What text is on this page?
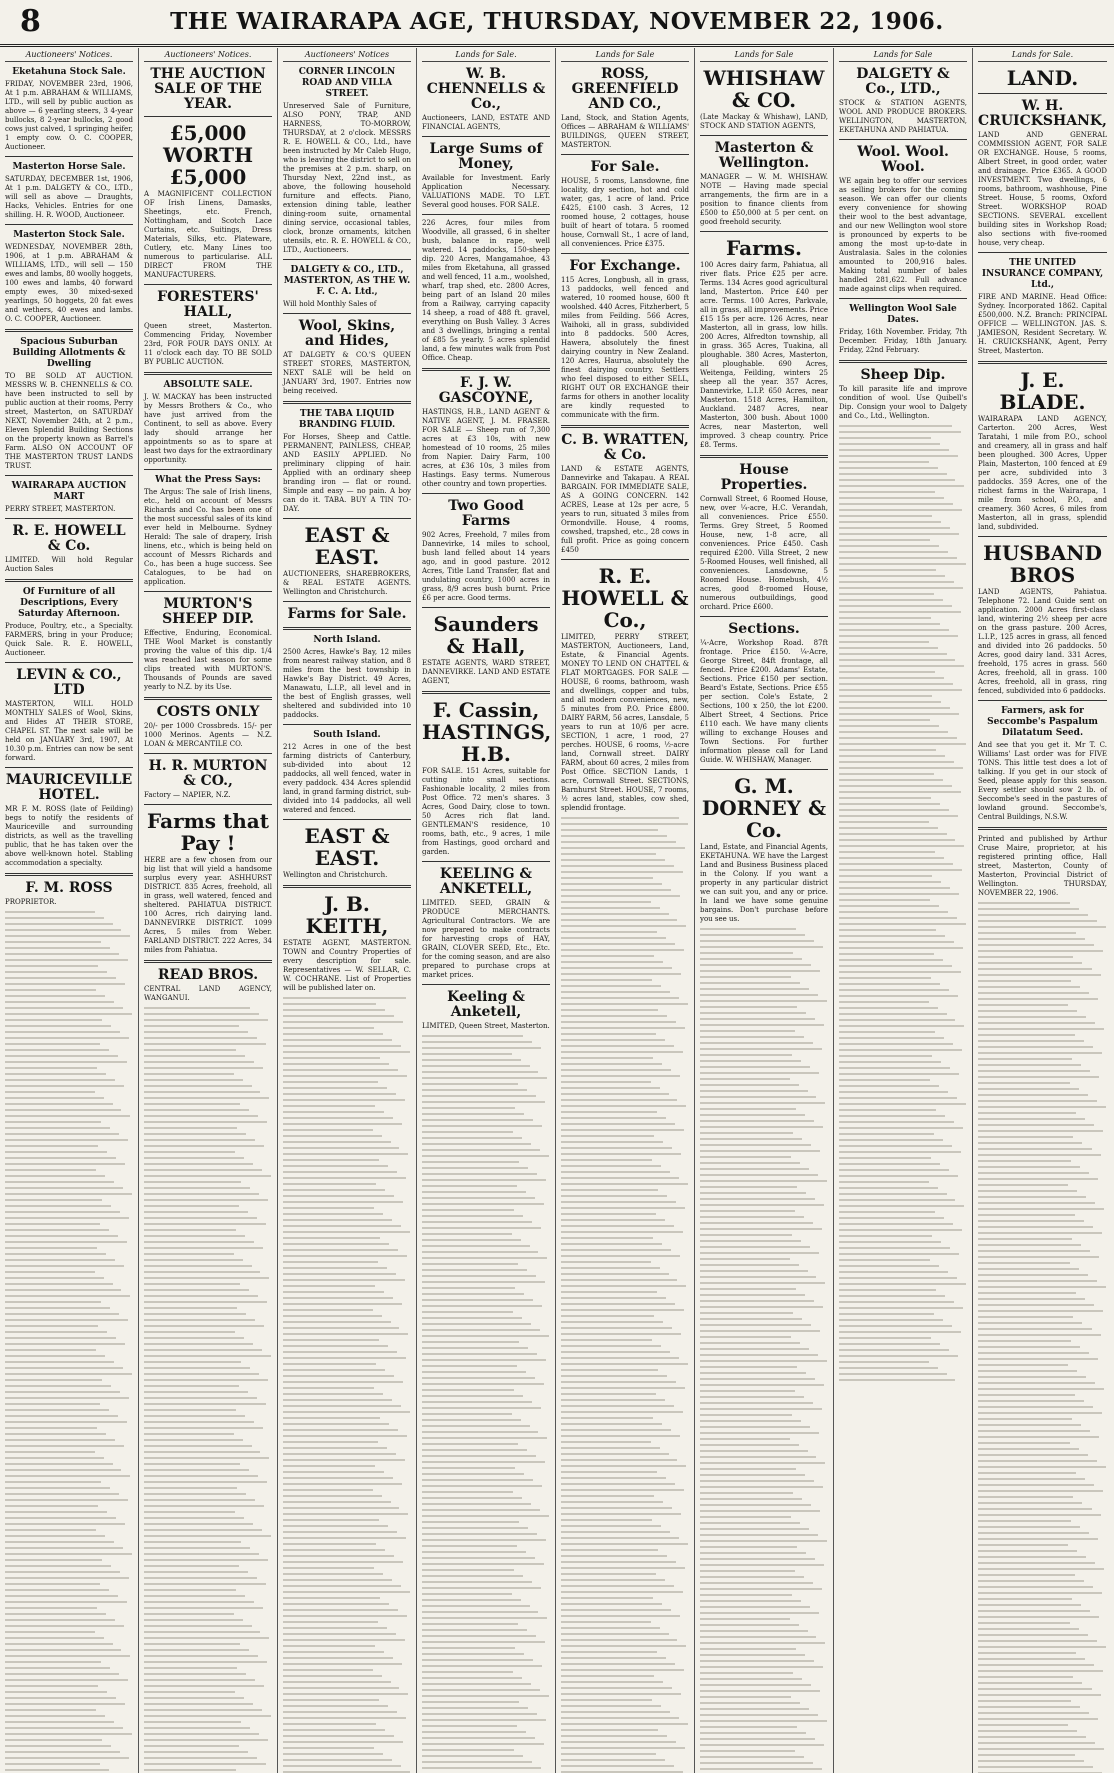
8	THE WAIRARAPA AGE, THURSDAY, NOVEMBER 22, 1906.
Auctioneers' Notices.
Eketahuna Stock Sale.
FRIDAY, NOVEMBER 23rd, 1906, At 1 p.m. ABRAHAM & WILLIAMS, LTD., will sell by public auction as above — 6 yearling steers, 3 4-year bullocks, 8 2-year bullocks, 2 good cows just calved, 1 springing heifer, 1 empty cow. O. C. COOPER, Auctioneer.
Masterton Horse Sale.
SATURDAY, DECEMBER 1st, 1906, At 1 p.m. DALGETY & CO., LTD., will sell as above — Draughts, Hacks, Vehicles. Entries for one shilling. H. R. WOOD, Auctioneer.
Masterton Stock Sale.
WEDNESDAY, NOVEMBER 28th, 1906, at 1 p.m. ABRAHAM & WILLIAMS, LTD., will sell — 150 ewes and lambs, 80 woolly hoggets, 100 ewes and lambs, 40 forward empty ewes, 30 mixed-sexed yearlings, 50 hoggets, 20 fat ewes and wethers, 40 ewes and lambs. O. C. COOPER, Auctioneer.
Spacious Suburban Building Allotments & Dwelling
TO BE SOLD AT AUCTION. MESSRS W. B. CHENNELLS & CO. have been instructed to sell by public auction at their rooms, Perry street, Masterton, on SATURDAY NEXT, November 24th, at 2 p.m., Eleven Splendid Building Sections on the property known as Barrel's Farm. ALSO ON ACCOUNT OF THE MASTERTON TRUST LANDS TRUST.
WAIRARAPA AUCTION MART
PERRY STREET, MASTERTON.
R. E. HOWELL & Co.
LIMITED. Will hold Regular Auction Sales
Of Furniture of all Descriptions, Every Saturday Afternoon.
Produce, Poultry, etc., a Specialty. FARMERS, bring in your Produce; Quick Sale. R. E. HOWELL, Auctioneer.
LEVIN & CO., LTD
MASTERTON, WILL HOLD MONTHLY SALES of Wool, Skins, and Hides AT THEIR STORE, CHAPEL ST. The next sale will be held on JANUARY 3rd, 1907, At 10.30 p.m. Entries can now be sent forward.
MAURICEVILLE HOTEL.
MR F. M. ROSS (late of Feilding) begs to notify the residents of Mauriceville and surrounding districts, as well as the travelling public, that he has taken over the above well-known hotel. Stabling accommodation a specialty.
F. M. ROSS
PROPRIETOR.
Auctioneers' Notices.
THE AUCTION SALE OF THE YEAR.
£5,000 WORTH £5,000
A MAGNIFICENT COLLECTION OF Irish Linens, Damasks, Sheetings, etc. French, Nottingham, and Scotch Lace Curtains, etc. Suitings, Dress Materials, Silks, etc. Plateware, Cutlery, etc. Many Lines too numerous to particularise. ALL DIRECT FROM THE MANUFACTURERS.
FORESTERS' HALL,
Queen street, Masterton. Commencing Friday, November 23rd, FOR FOUR DAYS ONLY. At 11 o'clock each day. TO BE SOLD BY PUBLIC AUCTION.
ABSOLUTE SALE.
J. W. MACKAY has been instructed by Messrs Brothers & Co., who have just arrived from the Continent, to sell as above. Every lady should arrange her appointments so as to spare at least two days for the extraordinary opportunity.
What the Press Says:
The Argus: The sale of Irish linens, etc., held on account of Messrs Richards and Co. has been one of the most successful sales of its kind ever held in Melbourne. Sydney Herald: The sale of drapery, Irish linens, etc., which is being held on account of Messrs Richards and Co., has been a huge success. See Catalogues, to be had on application.
MURTON'S SHEEP DIP.
Effective, Enduring, Economical. THE Wool Market is constantly proving the value of this dip. 1/4 was reached last season for some clips treated with MURTON'S. Thousands of Pounds are saved yearly to N.Z. by its Use.
COSTS ONLY
20/- per 1000 Crossbreds. 15/- per 1000 Merinos. Agents — N.Z. LOAN & MERCANTILE CO.
H. R. MURTON & CO.,
Factory — NAPIER, N.Z.
Farms that Pay !
HERE are a few chosen from our big list that will yield a handsome surplus every year. ASHHURST DISTRICT. 835 Acres, freehold, all in grass, well watered, fenced and sheltered. PAHIATUA DISTRICT. 100 Acres, rich dairying land. DANNEVIRKE DISTRICT. 1099 Acres, 5 miles from Weber. FARLAND DISTRICT. 222 Acres, 34 miles from Pahiatua.
READ BROS.
CENTRAL LAND AGENCY, WANGANUI.
Auctioneers' Notices
CORNER LINCOLN ROAD AND VILLA STREET.
Unreserved Sale of Furniture, ALSO PONY, TRAP, AND HARNESS, TO-MORROW, THURSDAY, at 2 o'clock. MESSRS R. E. HOWELL & CO., Ltd., have been instructed by Mr Caleb Hugo, who is leaving the district to sell on the premises at 2 p.m. sharp, on Thursday Next, 22nd inst., as above, the following household furniture and effects. Piano, extension dining table, leather dining-room suite, ornamental dining service, occasional tables, clock, bronze ornaments, kitchen utensils, etc. R. E. HOWELL & CO., LTD., Auctioneers.
DALGETY & CO., LTD., MASTERTON, AS THE W. F. C. A. Ltd.,
Will hold Monthly Sales of
Wool, Skins, and Hides,
AT DALGETY & CO.'S QUEEN STREET STORES, MASTERTON, NEXT SALE will be held on JANUARY 3rd, 1907. Entries now being received.
THE TABA LIQUID BRANDING FLUID.
For Horses, Sheep and Cattle. PERMANENT, PAINLESS, CHEAP, AND EASILY APPLIED. No preliminary clipping of hair. Applied with an ordinary sheep branding iron — flat or round. Simple and easy — no pain. A boy can do it. TABA. BUY A TIN TO-DAY.
EAST & EAST.
AUCTIONEERS, SHAREBROKERS, & REAL ESTATE AGENTS. Wellington and Christchurch.
Farms for Sale.
North Island.
2500 Acres, Hawke's Bay, 12 miles from nearest railway station, and 8 miles from the best township in Hawke's Bay District. 49 Acres, Manawatu, L.I.P., all level and in the best of English grasses, well sheltered and subdivided into 10 paddocks.
South Island.
212 Acres in one of the best farming districts of Canterbury, sub-divided into about 12 paddocks, all well fenced, water in every paddock. 434 Acres splendid land, in grand farming district, sub-divided into 14 paddocks, all well watered and fenced.
EAST & EAST.
Wellington and Christchurch.
J. B. KEITH,
ESTATE AGENT, MASTERTON. TOWN and Country Properties of every description for sale. Representatives — W. SELLAR, C. W. COCHRANE. List of Properties will be published later on.
Lands for Sale.
W. B. CHENNELLS & Co.,
Auctioneers, LAND, ESTATE AND FINANCIAL AGENTS,
Large Sums of Money,
Available for Investment. Early Application Necessary. VALUATIONS MADE. TO LET. Several good houses. FOR SALE.
226 Acres, four miles from Woodville, all grassed, 6 in shelter bush, balance in rape, well watered. 14 paddocks, 150-sheep dip. 220 Acres, Mangamahoe, 43 miles from Eketahuna, all grassed and well fenced, 11 a.m., woolshed, wharf, trap shed, etc. 2800 Acres, being part of an Island 20 miles from a Railway, carrying capacity 14 sheep, a road of 488 ft. gravel, everything on Bush Valley. 3 Acres and 3 dwellings, bringing a rental of £85 5s yearly. 5 acres splendid land, a few minutes walk from Post Office. Cheap.
F. J. W. GASCOYNE,
HASTINGS, H.B., LAND AGENT & NATIVE AGENT, J. M. FRASER. FOR SALE — Sheep run of 7,300 acres at £3 10s, with new homestead of 10 rooms, 25 miles from Napier. Dairy Farm, 100 acres, at £36 10s, 3 miles from Hastings. Easy terms. Numerous other country and town properties.
Two Good Farms
902 Acres, Freehold, 7 miles from Dannevirke, 14 miles to school, bush land felled about 14 years ago, and in good pasture. 2012 Acres, Title Land Transfer, flat and undulating country, 1000 acres in grass, 8/9 acres bush burnt. Price £6 per acre. Good terms.
Saunders & Hall,
ESTATE AGENTS, WARD STREET, DANNEVIRKE. LAND AND ESTATE AGENT,
F. Cassin, HASTINGS, H.B.
FOR SALE. 151 Acres, suitable for cutting into small sections. Fashionable locality, 2 miles from Post Office. 72 men's shares. 3 Acres, Good Dairy, close to town. 50 Acres rich flat land. GENTLEMAN'S residence, 10 rooms, bath, etc., 9 acres, 1 mile from Hastings, good orchard and garden.
KEELING & ANKETELL,
LIMITED. SEED, GRAIN & PRODUCE MERCHANTS. Agricultural Contractors. We are now prepared to make contracts for harvesting crops of HAY, GRAIN, CLOVER SEED, Etc., Etc. for the coming season, and are also prepared to purchase crops at market prices.
Keeling & Anketell,
LIMITED, Queen Street, Masterton.
Lands for Sale
ROSS, GREENFIELD AND CO.,
Land, Stock, and Station Agents, Offices — ABRAHAM & WILLIAMS' BUILDINGS, QUEEN STREET, MASTERTON.
For Sale.
HOUSE, 5 rooms, Lansdowne, fine locality, dry section, hot and cold water, gas, 1 acre of land. Price £425, £100 cash. 3 Acres, 12 roomed house, 2 cottages, house built of heart of totara. 5 roomed house, Cornwall St., 1 acre of land, all conveniences. Price £375.
For Exchange.
115 Acres, Longbush, all in grass, 13 paddocks, well fenced and watered, 10 roomed house, 600 ft woolshed. 440 Acres, Fitzherbert, 5 miles from Feilding. 566 Acres, Waihoki, all in grass, subdivided into 8 paddocks. 500 Acres, Hawera, absolutely the finest dairying country in New Zealand. 120 Acres, Haurua, absolutely the finest dairying country. Settlers who feel disposed to either SELL, RIGHT OUT OR EXCHANGE their farms for others in another locality are kindly requested to communicate with the firm.
C. B. WRATTEN, & Co.
LAND & ESTATE AGENTS, Dannevirke and Takapau. A REAL BARGAIN. FOR IMMEDIATE SALE, AS A GOING CONCERN. 142 ACRES, Lease at 12s per acre, 5 years to run, situated 3 miles from Ormondville. House, 4 rooms, cowshed, trapshed, etc., 28 cows in full profit. Price as going concern £450
R. E. HOWELL & Co.,
LIMITED, PERRY STREET, MASTERTON, Auctioneers, Land, Estate, & Financial Agents. MONEY TO LEND ON CHATTEL & FLAT MORTGAGES. FOR SALE — HOUSE, 6 rooms, bathroom, wash and dwellings, copper and tubs, and all modern conveniences, new, 5 minutes from P.O. Price £800. DAIRY FARM, 56 acres, Lansdale, 5 years to run at 10/6 per acre. SECTION, 1 acre, 1 rood, 27 perches. HOUSE, 6 rooms, ½-acre land, Cornwall street. DAIRY FARM, about 60 acres, 2 miles from Post Office. SECTION Lands, 1 acre, Cornwall Street. SECTIONS, Barnhurst Street. HOUSE, 7 rooms, ½ acres land, stables, cow shed, splendid frontage.
Lands for Sale
WHISHAW & CO.
(Late Mackay & Whishaw), LAND, STOCK AND STATION AGENTS,
Masterton & Wellington.
MANAGER — W. M. WHISHAW. NOTE — Having made special arrangements, the firm are in a position to finance clients from £500 to £50,000 at 5 per cent. on good freehold security.
Farms.
100 Acres dairy farm, Pahiatua, all river flats. Price £25 per acre. Terms. 134 Acres good agricultural land, Masterton. Price £40 per acre. Terms. 100 Acres, Parkvale, all in grass, all improvements. Price £15 15s per acre. 126 Acres, near Masterton, all in grass, low hills. 200 Acres, Alfredton township, all in grass. 365 Acres, Tuakina, all ploughable. 380 Acres, Masterton, all ploughable. 690 Acres, Weitenga, Feilding, winters 25 sheep all the year. 357 Acres, Dannevirke, L.I.P. 650 Acres, near Masterton. 1518 Acres, Hamilton, Auckland. 2487 Acres, near Masterton, 300 bush. About 1000 Acres, near Masterton, well improved. 3 cheap country. Price £8. Terms.
House Properties.
Cornwall Street, 6 Roomed House, new, over ¼-acre, H.C. Verandah, all conveniences. Price £550. Terms. Grey Street, 5 Roomed House, new, 1-8 acre, all conveniences. Price £450. Cash required £200. Villa Street, 2 new 5-Roomed Houses, well finished, all conveniences. Lansdowne, 5 Roomed House. Homebush, 4½ acres, good 8-roomed House, numerous outbuildings, good orchard. Price £600.
Sections.
¼-Acre, Workshop Road. 87ft frontage. Price £150. ¼-Acre, George Street, 84ft frontage, all fenced. Price £200. Adams' Estate, Sections. Price £150 per section. Beard's Estate, Sections. Price £55 per section. Cole's Estate, 2 Sections, 100 x 250, the lot £200. Albert Street, 4 Sections. Price £110 each. We have many clients willing to exchange Houses and Town Sections. For further information please call for Land Guide. W. WHISHAW, Manager.
G. M. DORNEY & Co.
Land, Estate, and Financial Agents, EKETAHUNA. WE have the Largest Land and Business Business placed in the Colony. If you want a property in any particular district we can suit you, and any or price. In land we have some genuine bargains. Don't purchase before you see us.
Lands for Sale
DALGETY & Co., LTD.,
STOCK & STATION AGENTS, WOOL AND PRODUCE BROKERS. WELLINGTON, MASTERTON, EKETAHUNA AND PAHIATUA.
Wool. Wool. Wool.
WE again beg to offer our services as selling brokers for the coming season. We can offer our clients every convenience for showing their wool to the best advantage, and our new Wellington wool store is pronounced by experts to be among the most up-to-date in Australasia. Sales in the colonies amounted to 200,916 bales. Making total number of bales handled 281,622. Full advance made against clips when required.
Wellington Wool Sale Dates.
Friday, 16th November. Friday, 7th December. Friday, 18th January. Friday, 22nd February.
Sheep Dip.
To kill parasite life and improve condition of wool. Use Quibell's Dip. Consign your wool to Dalgety and Co., Ltd., Wellington.
Lands for Sale.
LAND.
W. H. CRUICKSHANK,
LAND AND GENERAL COMMISSION AGENT, FOR SALE OR EXCHANGE. House, 5 rooms, Albert Street, in good order, water and drainage. Price £365. A GOOD INVESTMENT. Two dwellings, 6 rooms, bathroom, washhouse, Pine Street. House, 5 rooms, Oxford Street. WORKSHOP ROAD SECTIONS. SEVERAL excellent building sites in Workshop Road; also sections with five-roomed house, very cheap.
THE UNITED INSURANCE COMPANY, Ltd.,
FIRE AND MARINE. Head Office: Sydney. Incorporated 1862. Capital £500,000. N.Z. Branch: PRINCIPAL OFFICE — WELLINGTON. JAS. S. JAMIESON, Resident Secretary. W. H. CRUICKSHANK, Agent, Perry Street, Masterton.
J. E. BLADE.
WAIRARAPA LAND AGENCY, Carterton. 200 Acres, West Taratahi, 1 mile from P.O., school and creamery, all in grass and half been ploughed. 300 Acres, Upper Plain, Masterton, 100 fenced at £9 per acre, subdivided into 3 paddocks. 359 Acres, one of the richest farms in the Wairarapa, 1 mile from school, P.O., and creamery. 360 Acres, 6 miles from Masterton, all in grass, splendid land, subdivided.
HUSBAND BROS
LAND AGENTS, Pahiatua. Telephone 72. Land Guide sent on application. 2000 Acres first-class land, wintering 2½ sheep per acre on the grass pasture. 200 Acres, L.I.P., 125 acres in grass, all fenced and divided into 26 paddocks. 50 Acres, good dairy land. 331 Acres, freehold, 175 acres in grass. 560 Acres, freehold, all in grass. 100 Acres, freehold, all in grass, ring fenced, subdivided into 6 paddocks.
Farmers, ask for Seccombe's Paspalum Dilatatum Seed.
And see that you get it. Mr T. C. Williams' Last order was for FIVE TONS. This little test does a lot of talking. If you get in our stock of Seed, please apply for this season. Every settler should sow 2 lb. of Seccombe's seed in the pastures of lowland ground. Seccombe's, Central Buildings, N.S.W.
Printed and published by Arthur Cruse Maire, proprietor, at his registered printing office, Hall street, Masterton, County of Masterton, Provincial District of Wellington. THURSDAY, NOVEMBER 22, 1906.
